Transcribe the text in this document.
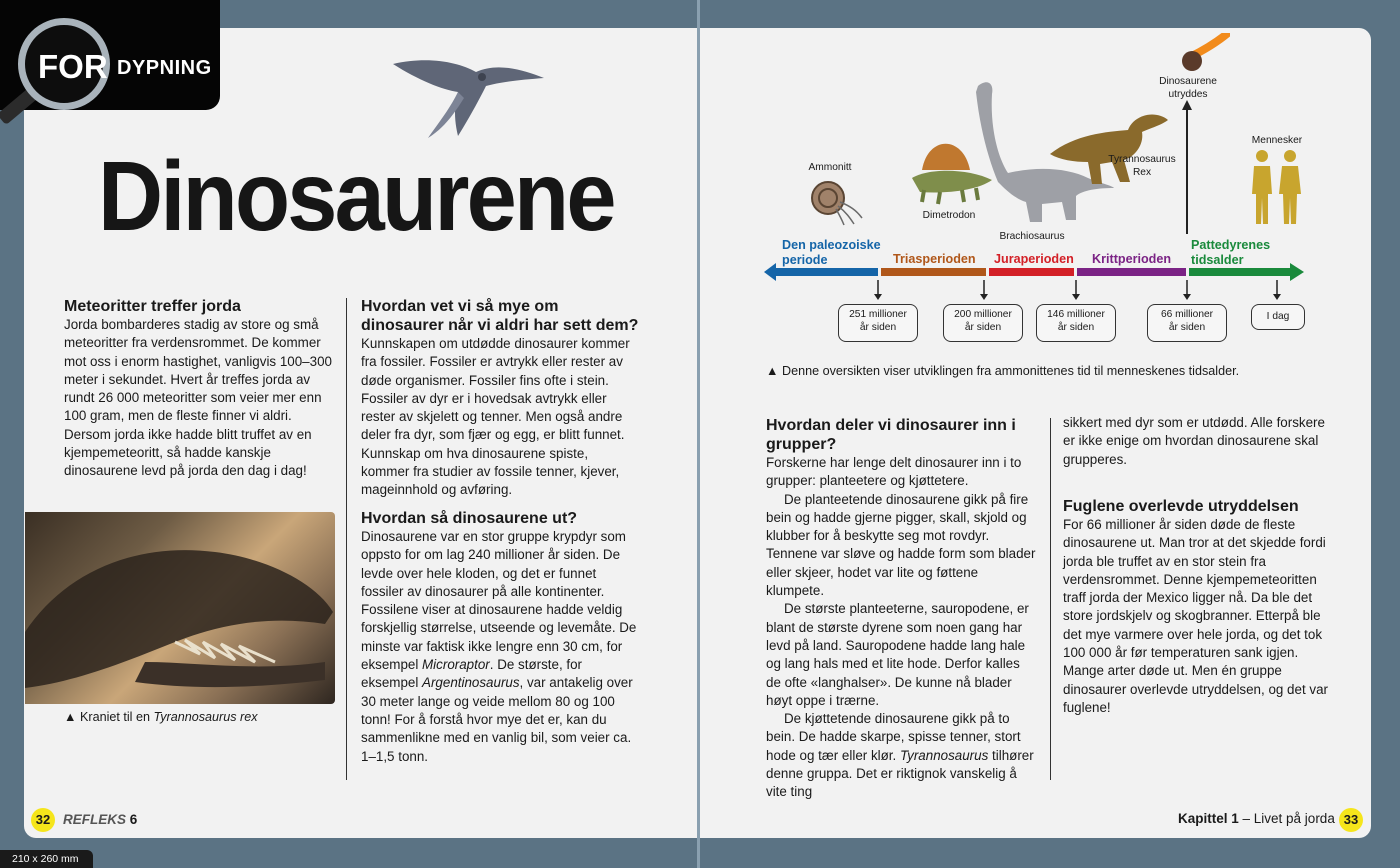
DYPNING
FOR
Dinosaurene
Meteoritter treffer jorda

Jorda bombarderes stadig av store og små meteoritter fra verdensrommet. De kommer mot oss i enorm hastighet, vanligvis 100–300 meter i sekundet. Hvert år treffes jorda av rundt 26 000 meteoritter som veier mer enn 100 gram, men de fleste finner vi aldri. Dersom jorda ikke hadde blitt truffet av en kjempemeteoritt, så hadde kanskje dinosaurene levd på jorda den dag i dag!

▲ Kraniet til en Tyrannosaurus rex
Hvordan vet vi så mye om dinosaurer når vi aldri har sett dem?

Kunnskapen om utdødde dinosaurer kommer fra fossiler. Fossiler er avtrykk eller rester av døde organismer. Fossiler fins ofte i stein. Fossiler av dyr er i hovedsak avtrykk eller rester av skjelett og tenner. Men også andre deler fra dyr, som fjær og egg, er blitt funnet. Kunnskap om hva dinosaurene spiste, kommer fra studier av fossile tenner, kjever, mageinnhold og avføring.

Hvordan så dinosaurene ut?

Dinosaurene var en stor gruppe krypdyr som oppsto for om lag 240 millioner år siden. De levde over hele kloden, og det er funnet fossiler av dinosaurer på alle kontinenter. Fossilene viser at dinosaurene hadde veldig forskjellig størrelse, utseende og levemåte. De minste var faktisk ikke lengre enn 30 cm, for eksempel Microraptor. De største, for eksempel Argentinosaurus, var antakelig over 30 meter lange og veide mellom 80 og 100 tonn! For å forstå hvor mye det er, kan du sammenlikne med en vanlig bil, som veier ca. 1–1,5 tonn.

32 REFLEKS 6
Ammonitt
Dimetrodon
Brachiosaurus
Tyrannosaurus
Rex
Dinosaurene
utryddes
Mennesker
Den paleozoiske periode	Triasperioden	Juraperioden	Krittperioden
Pattedyrenes tidsalder
251 millioner
år siden
200 millioner
år siden
146 millioner
år siden
66 millioner
år siden
I dag
▲ Denne oversikten viser utviklingen fra ammonittenes tid til menneskenes tidsalder.
Hvordan deler vi dinosaurer inn i grupper?

Forskerne har lenge delt dinosaurer inn i to grupper: planteetere og kjøttetere.

De planteetende dinosaurene gikk på fire bein og hadde gjerne pigger, skall, skjold og klubber for å beskytte seg mot rovdyr. Tennene var sløve og hadde form som blader eller skjeer, hodet var lite og føttene klumpete.

De største planteeterne, sauropodene, er blant de største dyrene som noen gang har levd på land. Sauropodene hadde lang hale og lang hals med et lite hode. Derfor kalles de ofte «langhalser». De kunne nå blader høyt oppe i trærne.

De kjøttetende dinosaurene gikk på to bein. De hadde skarpe, spisse tenner, stort hode og tær eller klør. Tyrannosaurus tilhører denne gruppa. Det er riktignok vanskelig å vite ting

sikkert med dyr som er utdødd. Alle forskere er ikke enige om hvordan dinosaurene skal grupperes.

Fuglene overlevde utryddelsen

For 66 millioner år siden døde de fleste dinosaurene ut. Man tror at det skjedde fordi jorda ble truffet av en stor stein fra verdensrommet. Denne kjempemeteoritten traff jorda der Mexico ligger nå. Da ble det store jordskjelv og skogbranner. Etterpå ble det mye varmere over hele jorda, og det tok 100 000 år før temperaturen sank igjen. Mange arter døde ut. Men én gruppe dinosaurer overlevde utryddelsen, og det var fuglene!

Kapittel 1 – Livet på jorda 33
210 x 260 mm
